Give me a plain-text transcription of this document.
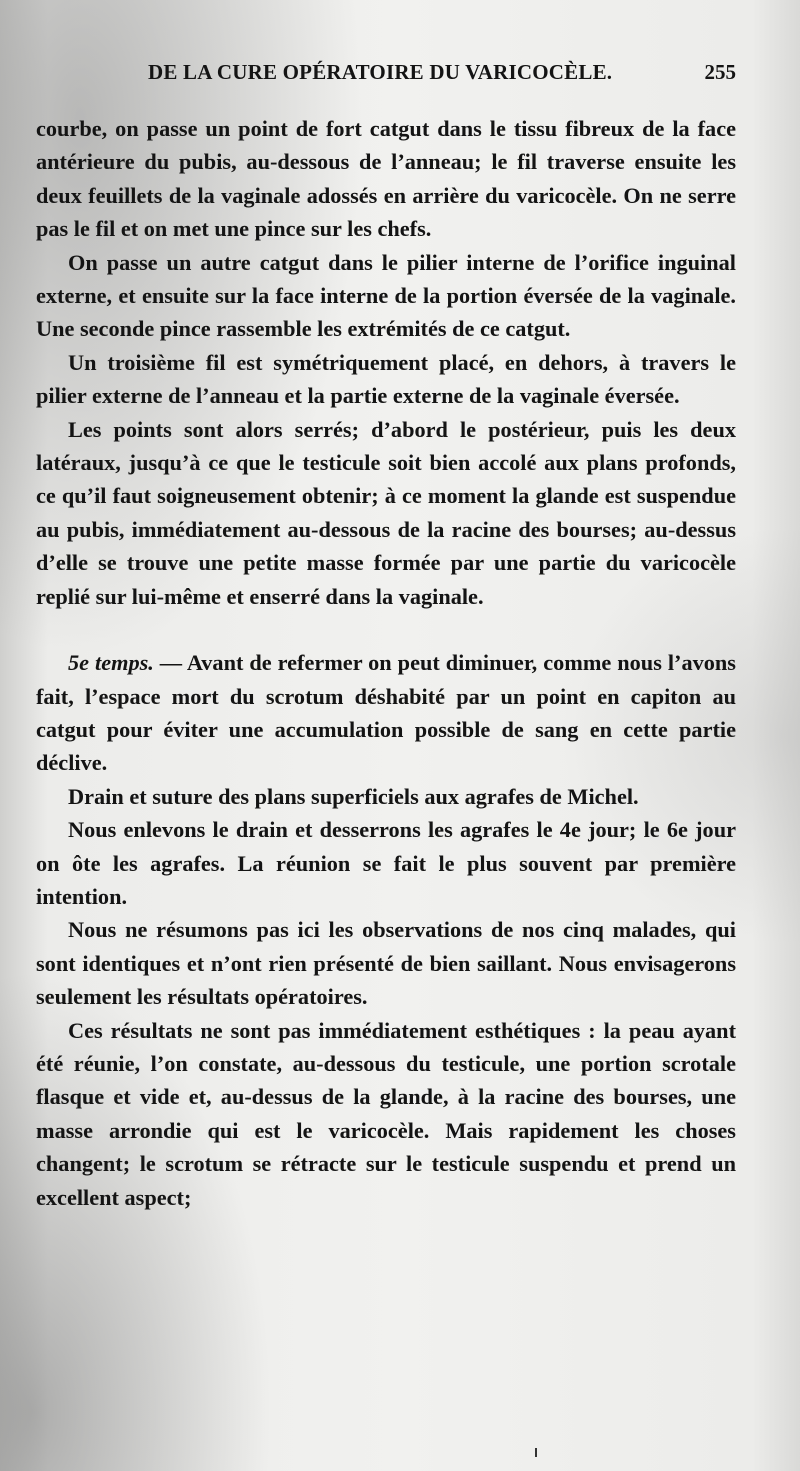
DE LA CURE OPÉRATOIRE DU VARICOCÈLE.	255

courbe, on passe un point de fort catgut dans le tissu fibreux de la face antérieure du pubis, au-dessous de l’anneau; le fil traverse ensuite les deux feuillets de la vaginale adossés en arrière du varicocèle. On ne serre pas le fil et on met une pince sur les chefs.

On passe un autre catgut dans le pilier interne de l’orifice inguinal externe, et ensuite sur la face interne de la portion éversée de la vaginale. Une seconde pince rassemble les extrémités de ce catgut.

Un troisième fil est symétriquement placé, en dehors, à travers le pilier externe de l’anneau et la partie externe de la vaginale éversée.

Les points sont alors serrés; d’abord le postérieur, puis les deux latéraux, jusqu’à ce que le testicule soit bien accolé aux plans profonds, ce qu’il faut soigneusement obtenir; à ce moment la glande est suspendue au pubis, immédiatement au-dessous de la racine des bourses; au-dessus d’elle se trouve une petite masse formée par une partie du varicocèle replié sur lui-même et enserré dans la vaginale.

5e temps. — Avant de refermer on peut diminuer, comme nous l’avons fait, l’espace mort du scrotum déshabité par un point en capiton au catgut pour éviter une accumulation possible de sang en cette partie déclive.

Drain et suture des plans superficiels aux agrafes de Michel.

Nous enlevons le drain et desserrons les agrafes le 4e jour; le 6e jour on ôte les agrafes. La réunion se fait le plus souvent par première intention.

Nous ne résumons pas ici les observations de nos cinq malades, qui sont identiques et n’ont rien présenté de bien saillant. Nous envisagerons seulement les résultats opératoires.

Ces résultats ne sont pas immédiatement esthétiques : la peau ayant été réunie, l’on constate, au-dessous du testicule, une portion scrotale flasque et vide et, au-dessus de la glande, à la racine des bourses, une masse arrondie qui est le varicocèle. Mais rapidement les choses changent; le scrotum se rétracte sur le testicule suspendu et prend un excellent aspect;
